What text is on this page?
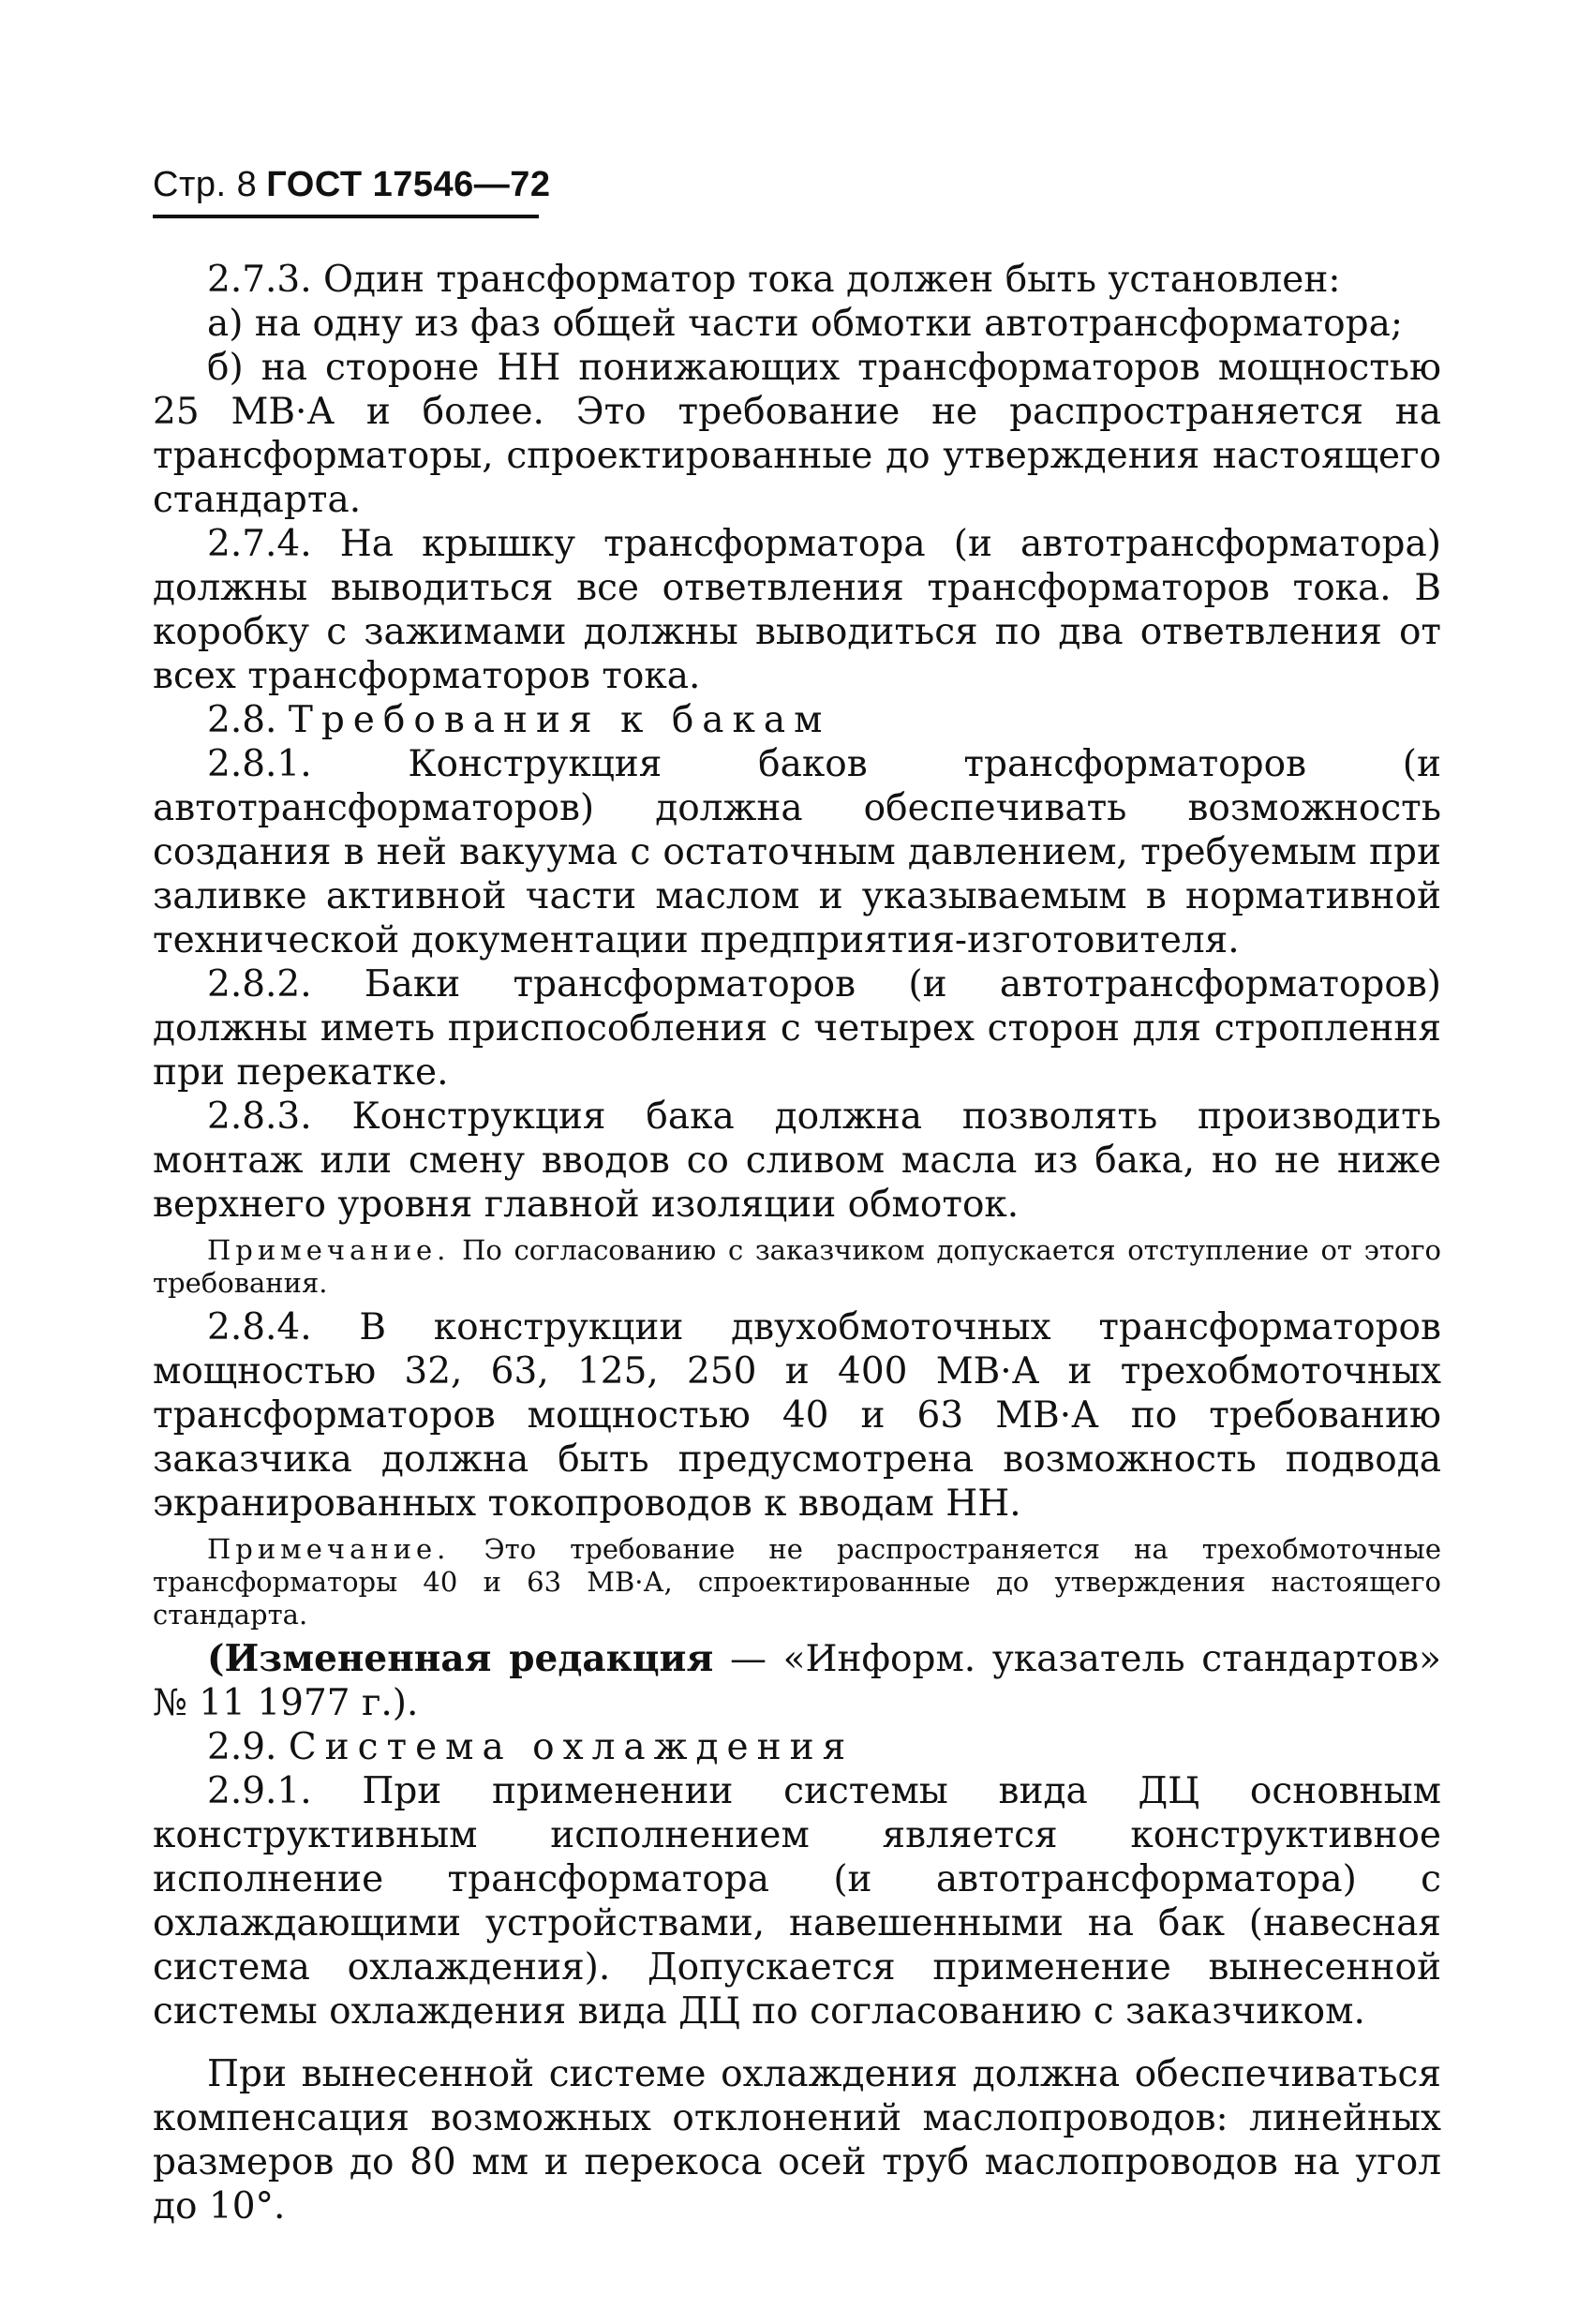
Стр. 8 ГОСТ 17546—72

2.7.3. Один трансформатор тока должен быть установлен:

а) на одну из фаз общей части обмотки автотрансформатора;

б) на стороне НН понижающих трансформаторов мощностью 25 МВ·А и более. Это требование не распространяется на трансформаторы, спроектированные до утверждения настоящего стандарта.

2.7.4. На крышку трансформатора (и автотрансформатора) должны выводиться все ответвления трансформаторов тока. В коробку с зажимами должны выводиться по два ответвления от всех трансформаторов тока.

2.8. Требования к бакам

2.8.1. Конструкция баков трансформаторов (и автотрансформаторов) должна обеспечивать возможность создания в ней вакуума с остаточным давлением, требуемым при заливке активной части маслом и указываемым в нормативной технической документации предприятия-изготовителя.

2.8.2. Баки трансформаторов (и автотрансформаторов) должны иметь приспособления с четырех сторон для строплення при перекатке.

2.8.3. Конструкция бака должна позволять производить монтаж или смену вводов со сливом масла из бака, но не ниже верхнего уровня главной изоляции обмоток.

Примечание. По согласованию с заказчиком допускается отступление от этого требования.

2.8.4. В конструкции двухобмоточных трансформаторов мощностью 32, 63, 125, 250 и 400 МВ·А и трехобмоточных трансформаторов мощностью 40 и 63 МВ·А по требованию заказчика должна быть предусмотрена возможность подвода экранированных токопроводов к вводам НН.

Примечание. Это требование не распространяется на трехобмоточные трансформаторы 40 и 63 МВ·А, спроектированные до утверждения настоящего стандарта.

(Измененная редакция — «Информ. указатель стандартов»

№ 11 1977 г.).

2.9. Система охлаждения

2.9.1. При применении системы вида ДЦ основным конструктивным исполнением является конструктивное исполнение трансформатора (и автотрансформатора) с охлаждающими устройствами, навешенными на бак (навесная система охлаждения). Допускается применение вынесенной системы охлаждения вида ДЦ по согласованию с заказчиком.

При вынесенной системе охлаждения должна обеспечиваться компенсация возможных отклонений маслопроводов: линейных размеров до 80 мм и перекоса осей труб маслопроводов на угол до 10°.
